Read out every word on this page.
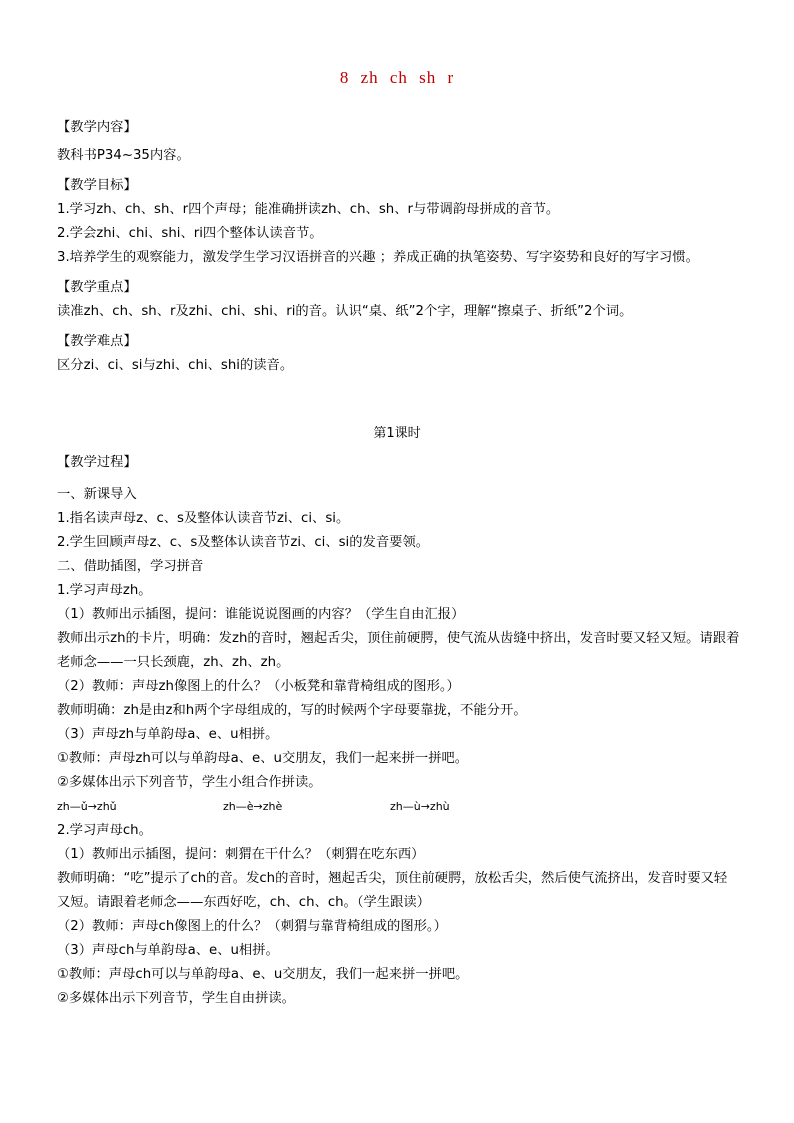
8 zh ch sh r

【教学内容】

教科书P34~35内容。

【教学目标】

1.学习zh、ch、sh、r四个声母；能准确拼读zh、ch、sh、r与带调韵母拼成的音节。

2.学会zhi、chi、shi、ri四个整体认读音节。

3.培养学生的观察能力，激发学生学习汉语拼音的兴趣 ；养成正确的执笔姿势、写字姿势和良好的写字习惯。

【教学重点】

读准zh、ch、sh、r及zhi、chi、shi、ri的音。认识“桌、纸”2个字，理解“擦桌子、折纸”2个词。

【教学难点】

区分zi、ci、si与zhi、chi、shi的读音。

第1课时

【教学过程】

一、新课导入

1.指名读声母z、c、s及整体认读音节zi、ci、si。

2.学生回顾声母z、c、s及整体认读音节zi、ci、si的发音要领。

二、借助插图，学习拼音

1.学习声母zh。

（1）教师出示插图，提问：谁能说说图画的内容？（学生自由汇报）

教师出示zh的卡片，明确：发zh的音时，翘起舌尖，顶住前硬腭，使气流从齿缝中挤出，发音时要又轻又短。请跟着老师念——一只长颈鹿，zh、zh、zh。

（2）教师：声母zh像图上的什么？（小板凳和靠背椅组成的图形。）

教师明确：zh是由z和h两个字母组成的，写的时候两个字母要靠拢，不能分开。

（3）声母zh与单韵母a、e、u相拼。

①教师：声母zh可以与单韵母a、e、u交朋友，我们一起来拼一拼吧。

②多媒体出示下列音节，学生小组合作拼读。

zh—ǔ→zhǔ	zh—è→zhè	zh—ù→zhù

2.学习声母ch。

（1）教师出示插图，提问：刺猬在干什么？（刺猬在吃东西）

教师明确：“吃”提示了ch的音。发ch的音时，翘起舌尖，顶住前硬腭，放松舌尖，然后使气流挤出，发音时要又轻又短。请跟着老师念——东西好吃，ch、ch、ch。（学生跟读）

（2）教师：声母ch像图上的什么？（刺猬与靠背椅组成的图形。）

（3）声母ch与单韵母a、e、u相拼。

①教师：声母ch可以与单韵母a、e、u交朋友，我们一起来拼一拼吧。

②多媒体出示下列音节，学生自由拼读。
